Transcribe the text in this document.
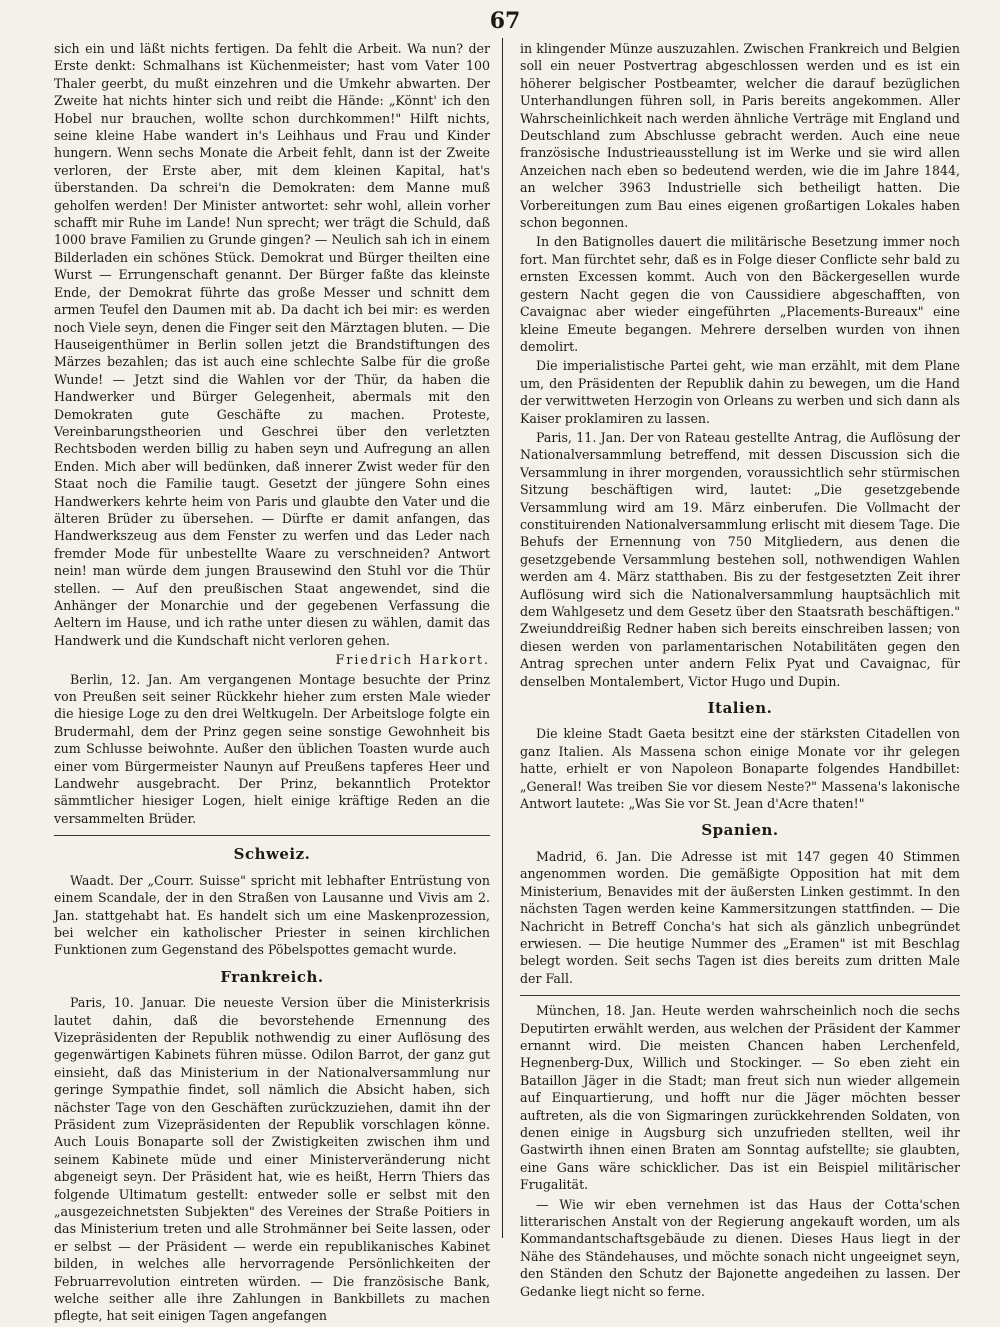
67

sich ein und läßt nichts fertigen. Da fehlt die Arbeit. Wa nun? der Erste denkt: Schmalhans ist Küchenmeister; hast vom Vater 100 Thaler geerbt, du mußt einzehren und die Umkehr abwarten. Der Zweite hat nichts hinter sich und reibt die Hände: „Könnt' ich den Hobel nur brauchen, wollte schon durchkommen!" Hilft nichts, seine kleine Habe wandert in's Leihhaus und Frau und Kinder hungern. Wenn sechs Monate die Arbeit fehlt, dann ist der Zweite verloren, der Erste aber, mit dem kleinen Kapital, hat's überstanden. Da schrei'n die Demokraten: dem Manne muß geholfen werden! Der Minister antwortet: sehr wohl, allein vorher schafft mir Ruhe im Lande! Nun sprecht; wer trägt die Schuld, daß 1000 brave Familien zu Grunde gingen? — Neulich sah ich in einem Bilderladen ein schönes Stück. Demokrat und Bürger theilten eine Wurst — Errungenschaft genannt. Der Bürger faßte das kleinste Ende, der Demokrat führte das große Messer und schnitt dem armen Teufel den Daumen mit ab. Da dacht ich bei mir: es werden noch Viele seyn, denen die Finger seit den Märztagen bluten. — Die Hauseigenthümer in Berlin sollen jetzt die Brandstiftungen des Märzes bezahlen; das ist auch eine schlechte Salbe für die große Wunde! — Jetzt sind die Wahlen vor der Thür, da haben die Handwerker und Bürger Gelegenheit, abermals mit den Demokraten gute Geschäfte zu machen. Proteste, Vereinbarungstheorien und Geschrei über den verletzten Rechtsboden werden billig zu haben seyn und Aufregung an allen Enden. Mich aber will bedünken, daß innerer Zwist weder für den Staat noch die Familie taugt. Gesetzt der jüngere Sohn eines Handwerkers kehrte heim von Paris und glaubte den Vater und die älteren Brüder zu übersehen. — Dürfte er damit anfangen, das Handwerkszeug aus dem Fenster zu werfen und das Leder nach fremder Mode für unbestellte Waare zu verschneiden? Antwort nein! man würde dem jungen Brausewind den Stuhl vor die Thür stellen. — Auf den preußischen Staat angewendet, sind die Anhänger der Monarchie und der gegebenen Verfassung die Aeltern im Hause, und ich rathe unter diesen zu wählen, damit das Handwerk und die Kundschaft nicht verloren gehen.

Friedrich Harkort.

Berlin, 12. Jan. Am vergangenen Montage besuchte der Prinz von Preußen seit seiner Rückkehr hieher zum ersten Male wieder die hiesige Loge zu den drei Weltkugeln. Der Arbeitsloge folgte ein Brudermahl, dem der Prinz gegen seine sonstige Gewohnheit bis zum Schlusse beiwohnte. Außer den üblichen Toasten wurde auch einer vom Bürgermeister Naunyn auf Preußens tapferes Heer und Landwehr ausgebracht. Der Prinz, bekanntlich Protektor sämmtlicher hiesiger Logen, hielt einige kräftige Reden an die versammelten Brüder.

Schweiz.

Waadt. Der „Courr. Suisse" spricht mit lebhafter Entrüstung von einem Scandale, der in den Straßen von Lausanne und Vivis am 2. Jan. stattgehabt hat. Es handelt sich um eine Maskenprozession, bei welcher ein katholischer Priester in seinen kirchlichen Funktionen zum Gegenstand des Pöbelspottes gemacht wurde.

Frankreich.

Paris, 10. Januar. Die neueste Version über die Ministerkrisis lautet dahin, daß die bevorstehende Ernennung des Vizepräsidenten der Republik nothwendig zu einer Auflösung des gegenwärtigen Kabinets führen müsse. Odilon Barrot, der ganz gut einsieht, daß das Ministerium in der Nationalversammlung nur geringe Sympathie findet, soll nämlich die Absicht haben, sich nächster Tage von den Geschäften zurückzuziehen, damit ihn der Präsident zum Vizepräsidenten der Republik vorschlagen könne. Auch Louis Bonaparte soll der Zwistigkeiten zwischen ihm und seinem Kabinete müde und einer Ministerveränderung nicht abgeneigt seyn. Der Präsident hat, wie es heißt, Herrn Thiers das folgende Ultimatum gestellt: entweder solle er selbst mit den „ausgezeichnetsten Subjekten" des Vereines der Straße Poitiers in das Ministerium treten und alle Strohmänner bei Seite lassen, oder er selbst — der Präsident — werde ein republikanisches Kabinet bilden, in welches alle hervorragende Persönlichkeiten der Februarrevolution eintreten würden. — Die französische Bank, welche seither alle ihre Zahlungen in Bankbillets zu machen pflegte, hat seit einigen Tagen angefangen

in klingender Münze auszuzahlen. Zwischen Frankreich und Belgien soll ein neuer Postvertrag abgeschlossen werden und es ist ein höherer belgischer Postbeamter, welcher die darauf bezüglichen Unterhandlungen führen soll, in Paris bereits angekommen. Aller Wahrscheinlichkeit nach werden ähnliche Verträge mit England und Deutschland zum Abschlusse gebracht werden. Auch eine neue französische Industrieausstellung ist im Werke und sie wird allen Anzeichen nach eben so bedeutend werden, wie die im Jahre 1844, an welcher 3963 Industrielle sich betheiligt hatten. Die Vorbereitungen zum Bau eines eigenen großartigen Lokales haben schon begonnen.

In den Batignolles dauert die militärische Besetzung immer noch fort. Man fürchtet sehr, daß es in Folge dieser Conflicte sehr bald zu ernsten Excessen kommt. Auch von den Bäckergesellen wurde gestern Nacht gegen die von Caussidiere abgeschafften, von Cavaignac aber wieder eingeführten „Placements-Bureaux" eine kleine Emeute begangen. Mehrere derselben wurden von ihnen demolirt.

Die imperialistische Partei geht, wie man erzählt, mit dem Plane um, den Präsidenten der Republik dahin zu bewegen, um die Hand der verwittweten Herzogin von Orleans zu werben und sich dann als Kaiser proklamiren zu lassen.

Paris, 11. Jan. Der von Rateau gestellte Antrag, die Auflösung der Nationalversammlung betreffend, mit dessen Discussion sich die Versammlung in ihrer morgenden, voraussichtlich sehr stürmischen Sitzung beschäftigen wird, lautet: „Die gesetzgebende Versammlung wird am 19. März einberufen. Die Vollmacht der constituirenden Nationalversammlung erlischt mit diesem Tage. Die Behufs der Ernennung von 750 Mitgliedern, aus denen die gesetzgebende Versammlung bestehen soll, nothwendigen Wahlen werden am 4. März statthaben. Bis zu der festgesetzten Zeit ihrer Auflösung wird sich die Nationalversammlung hauptsächlich mit dem Wahlgesetz und dem Gesetz über den Staatsrath beschäftigen." Zweiunddreißig Redner haben sich bereits einschreiben lassen; von diesen werden von parlamentarischen Notabilitäten gegen den Antrag sprechen unter andern Felix Pyat und Cavaignac, für denselben Montalembert, Victor Hugo und Dupin.

Italien.

Die kleine Stadt Gaeta besitzt eine der stärksten Citadellen von ganz Italien. Als Massena schon einige Monate vor ihr gelegen hatte, erhielt er von Napoleon Bonaparte folgendes Handbillet: „General! Was treiben Sie vor diesem Neste?" Massena's lakonische Antwort lautete: „Was Sie vor St. Jean d'Acre thaten!"

Spanien.

Madrid, 6. Jan. Die Adresse ist mit 147 gegen 40 Stimmen angenommen worden. Die gemäßigte Opposition hat mit dem Ministerium, Benavides mit der äußersten Linken gestimmt. In den nächsten Tagen werden keine Kammersitzungen stattfinden. — Die Nachricht in Betreff Concha's hat sich als gänzlich unbegründet erwiesen. — Die heutige Nummer des „Eramen" ist mit Beschlag belegt worden. Seit sechs Tagen ist dies bereits zum dritten Male der Fall.

München, 18. Jan. Heute werden wahrscheinlich noch die sechs Deputirten erwählt werden, aus welchen der Präsident der Kammer ernannt wird. Die meisten Chancen haben Lerchenfeld, Hegnenberg-Dux, Willich und Stockinger. — So eben zieht ein Bataillon Jäger in die Stadt; man freut sich nun wieder allgemein auf Einquartierung, und hofft nur die Jäger möchten besser auftreten, als die von Sigmaringen zurückkehrenden Soldaten, von denen einige in Augsburg sich unzufrieden stellten, weil ihr Gastwirth ihnen einen Braten am Sonntag aufstellte; sie glaubten, eine Gans wäre schicklicher. Das ist ein Beispiel militärischer Frugalität.

— Wie wir eben vernehmen ist das Haus der Cotta'schen litterarischen Anstalt von der Regierung angekauft worden, um als Kommandantschaftsgebäude zu dienen. Dieses Haus liegt in der Nähe des Ständehauses, und möchte sonach nicht ungeeignet seyn, den Ständen den Schutz der Bajonette angedeihen zu lassen. Der Gedanke liegt nicht so ferne.
